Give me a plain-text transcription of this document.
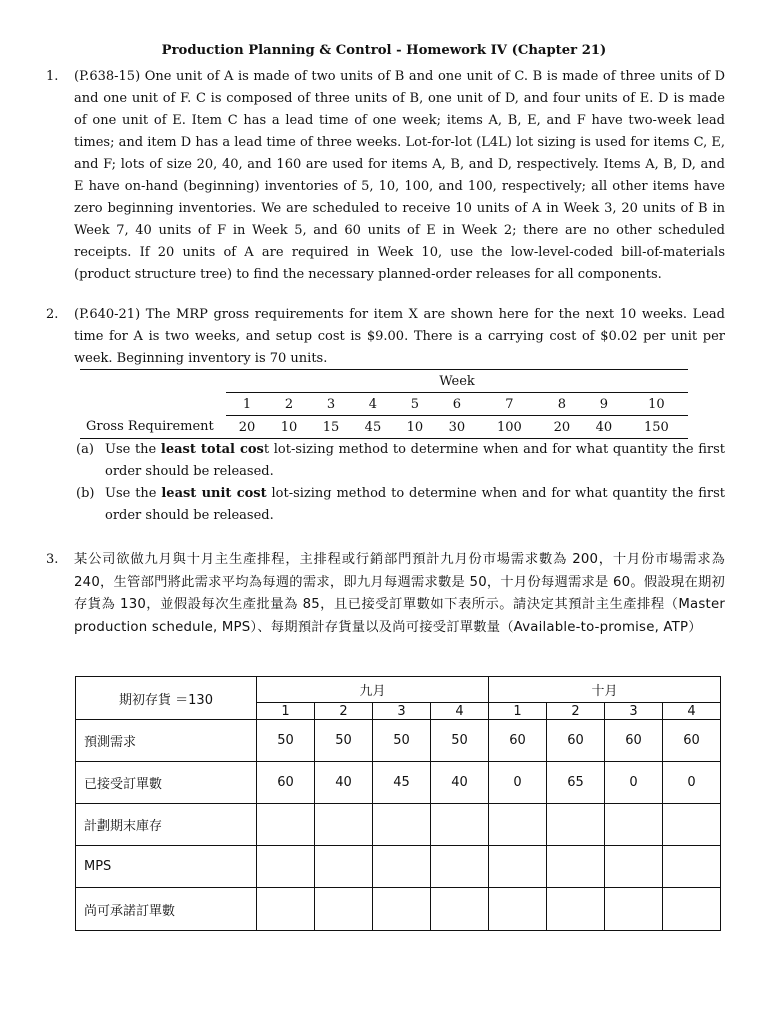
Production Planning & Control - Homework IV (Chapter 21)
1. (P.638-15) One unit of A is made of two units of B and one unit of C. B is made of three units of D and one unit of F. C is composed of three units of B, one unit of D, and four units of E. D is made of one unit of E. Item C has a lead time of one week; items A, B, E, and F have two-week lead times; and item D has a lead time of three weeks. Lot-for-lot (L4L) lot sizing is used for items C, E, and F; lots of size 20, 40, and 160 are used for items A, B, and D, respectively. Items A, B, D, and E have on-hand (beginning) inventories of 5, 10, 100, and 100, respectively; all other items have zero beginning inventories. We are scheduled to receive 10 units of A in Week 3, 20 units of B in Week 7, 40 units of F in Week 5, and 60 units of E in Week 2; there are no other scheduled receipts. If 20 units of A are required in Week 10, use the low-level-coded bill-of-materials (product structure tree) to find the necessary planned-order releases for all components.
2. (P.640-21) The MRP gross requirements for item X are shown here for the next 10 weeks. Lead time for A is two weeks, and setup cost is $9.00. There is a carrying cost of $0.02 per unit per week. Beginning inventory is 70 units.
	Week									
	1	2	3	4	5	6	7	8	9	10
Gross Requirement	20	10	15	45	10	30	100	20	40	150
(a) Use the least total cost lot-sizing method to determine when and for what quantity the first order should be released.
(b) Use the least unit cost lot-sizing method to determine when and for what quantity the first order should be released.
3. 某公司欲做九月與十月主生產排程，主排程或行銷部門預計九月份市場需求數為 200，十月份市場需求為 240，生管部門將此需求平均為每週的需求，即九月每週需求數是 50，十月份每週需求是 60。假設現在期初存貨為 130，並假設每次生產批量為 85，且已接受訂單數如下表所示。請決定其預計主生產排程（Master production schedule, MPS）、每期預計存貨量以及尚可接受訂單數量（Available-to-promise, ATP）
期初存貨 ＝130	九月				十月			
	1	2	3	4	1	2	3	4
預測需求	50	50	50	50	60	60	60	60
已接受訂單數	60	40	45	40	0	65	0	0
計劃期末庫存								
MPS								
尚可承諾訂單數								
